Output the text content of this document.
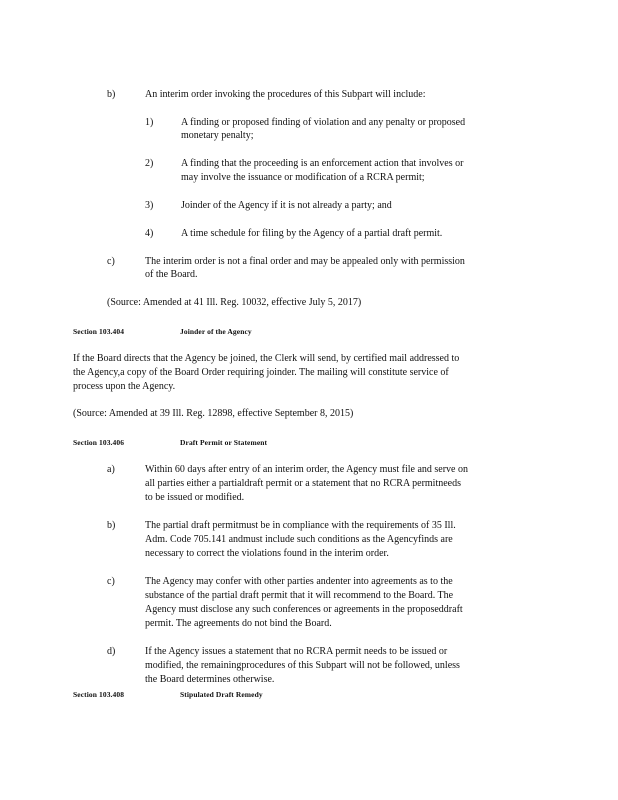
b)	An interim order invoking the procedures of this Subpart will include:
1)	A finding or proposed finding of violation and any penalty or proposed
monetary penalty;
2)	A finding that the proceeding is an enforcement action that involves or
may involve the issuance or modification of a RCRA permit;
3)	Joinder of the Agency if it is not already a party; and
4)	A time schedule for filing by the Agency of a partial draft permit.
c)	The interim order is not a final order and may be appealed only with permission
of the Board.
(Source: Amended at 41 Ill. Reg. 10032, effective July 5, 2017)
Section 103.404	Joinder of the Agency
If the Board directs that the Agency be joined, the Clerk will send, by certified mail addressed to
the Agency,a copy of the Board Order requiring joinder. The mailing will constitute service of
process upon the Agency.
(Source: Amended at 39 Ill. Reg. 12898, effective September 8, 2015)
Section 103.406	Draft Permit or Statement
a)	Within 60 days after entry of an interim order, the Agency must file and serve on
all parties either a partialdraft permit or a statement that no RCRA permitneeds
to be issued or modified.
b)	The partial draft permitmust be in compliance with the requirements of 35 Ill.
Adm. Code 705.141 andmust include such conditions as the Agencyfinds are
necessary to correct the violations found in the interim order.
c)	The Agency may confer with other parties andenter into agreements as to the
substance of the partial draft permit that it will recommend to the Board. The
Agency must disclose any such conferences or agreements in the proposeddraft
permit. The agreements do not bind the Board.
d)	If the Agency issues a statement that no RCRA permit needs to be issued or
modified, the remainingprocedures of this Subpart will not be followed, unless
the Board determines otherwise.
Section 103.408	Stipulated Draft Remedy
